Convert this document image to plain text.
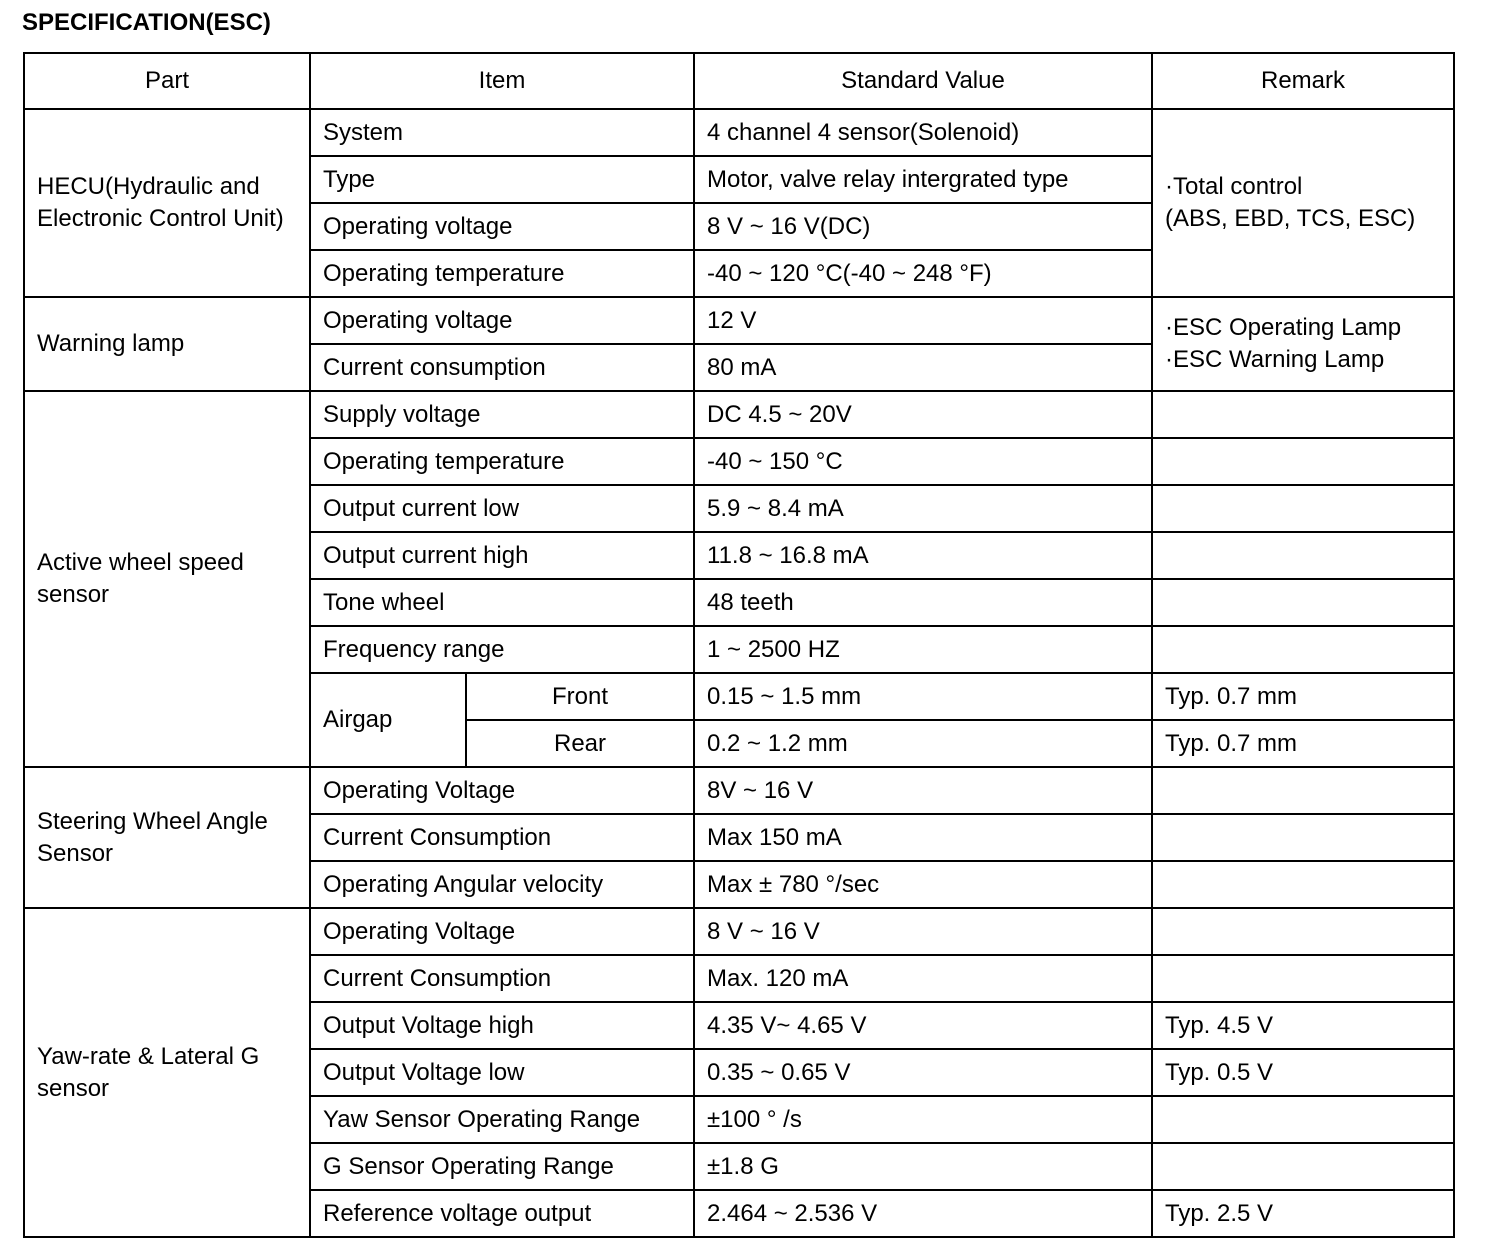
SPECIFICATION(ESC)
Part	Item		Standard Value	Remark
HECU(Hydraulic and Electronic Control Unit)	System		4 channel 4 sensor(Solenoid)	·Total control
(ABS, EBD, TCS, ESC)

	Type		Motor, valve relay intergrated type	
	Operating voltage		8 V ~ 16 V(DC)	
	Operating temperature		-40 ~ 120 °C(-40 ~ 248 °F)	
Warning lamp	Operating voltage		12 V	·ESC Operating Lamp
·ESC Warning Lamp

	Current consumption		80 mA	
Active wheel speed sensor	Supply voltage		DC 4.5 ~ 20V	
	Operating temperature		-40 ~ 150 °C	
	Output current low		5.9 ~ 8.4 mA	
	Output current high		11.8 ~ 16.8 mA	
	Tone wheel		48 teeth	
	Frequency range		1 ~ 2500 HZ	
	Airgap	Front	0.15 ~ 1.5 mm	Typ. 0.7 mm
		Rear	0.2 ~ 1.2 mm	Typ. 0.7 mm
Steering Wheel Angle Sensor	Operating Voltage		8V ~ 16 V	
	Current Consumption		Max 150 mA	
	Operating Angular velocity		Max ± 780 °/sec	
Yaw-rate & Lateral G sensor	Operating Voltage		8 V ~ 16 V	
	Current Consumption		Max. 120 mA	
	Output Voltage high		4.35 V~ 4.65 V	Typ. 4.5 V
	Output Voltage low		0.35 ~ 0.65 V	Typ. 0.5 V
	Yaw Sensor Operating Range		±100 ° /s	
	G Sensor Operating Range		±1.8 G	
	Reference voltage output		2.464 ~ 2.536 V	Typ. 2.5 V
